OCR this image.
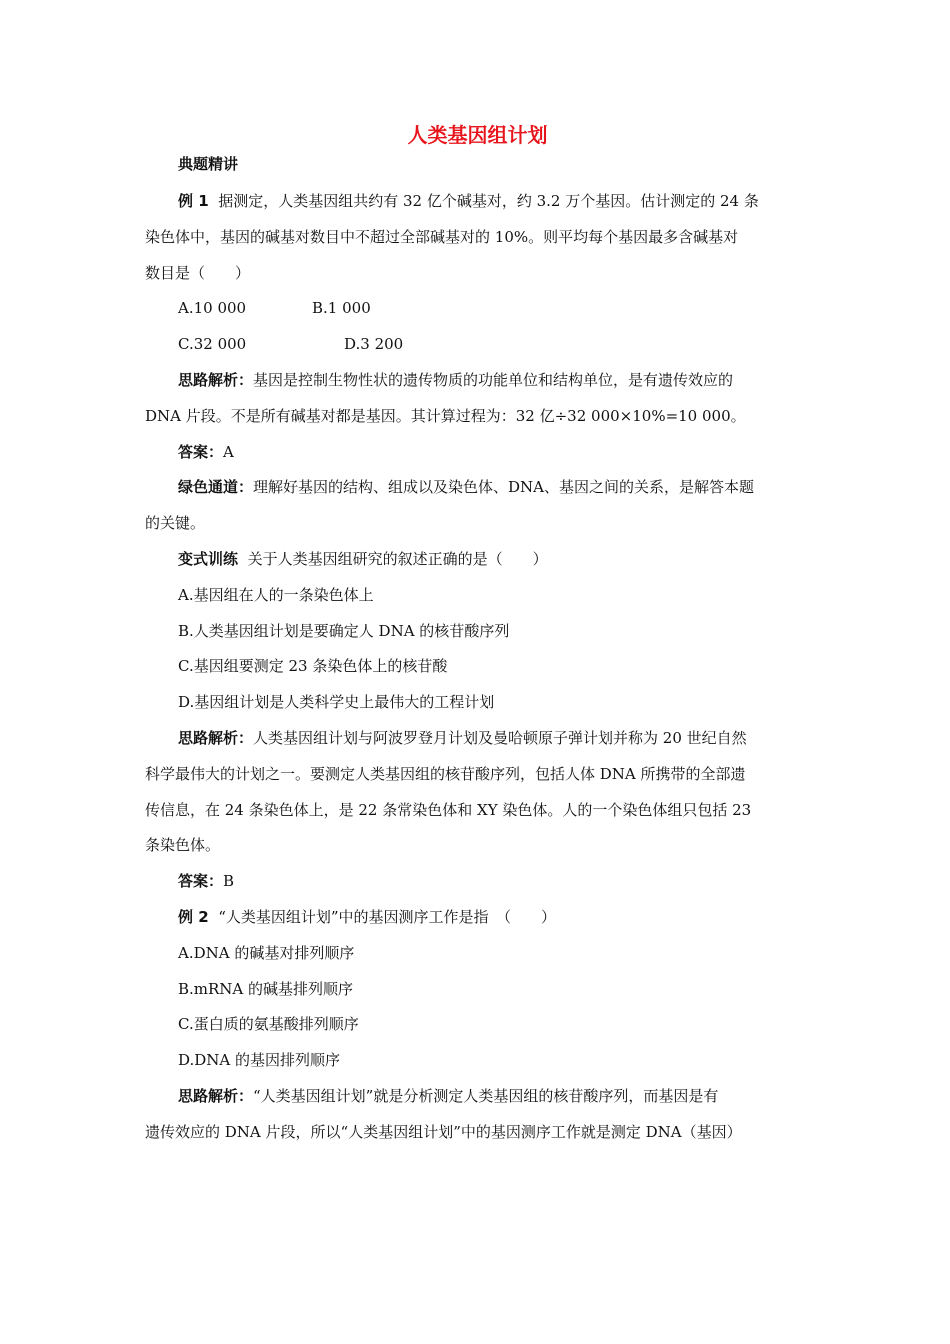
人类基因组计划
典题精讲

例 1 据测定，人类基因组共约有 32 亿个碱基对，约 3.2 万个基因。估计测定的 24 条

染色体中，基因的碱基对数目中不超过全部碱基对的 10%。则平均每个基因最多含碱基对

数目是（　　）

A.10 000	B.1 000

C.32 000	D.3 200

思路解析：基因是控制生物性状的遗传物质的功能单位和结构单位，是有遗传效应的

DNA 片段。不是所有碱基对都是基因。其计算过程为：32 亿÷32 000×10%=10 000。

答案：A

绿色通道：理解好基因的结构、组成以及染色体、DNA、基因之间的关系，是解答本题

的关键。

变式训练 关于人类基因组研究的叙述正确的是（　　）

A.基因组在人的一条染色体上

B.人类基因组计划是要确定人 DNA 的核苷酸序列

C.基因组要测定 23 条染色体上的核苷酸

D.基因组计划是人类科学史上最伟大的工程计划

思路解析：人类基因组计划与阿波罗登月计划及曼哈顿原子弹计划并称为 20 世纪自然

科学最伟大的计划之一。要测定人类基因组的核苷酸序列，包括人体 DNA 所携带的全部遗

传信息，在 24 条染色体上，是 22 条常染色体和 XY 染色体。人的一个染色体组只包括 23

条染色体。

答案：B

例 2 “人类基因组计划”中的基因测序工作是指　（　　）

A.DNA 的碱基对排列顺序

B.mRNA 的碱基排列顺序

C.蛋白质的氨基酸排列顺序

D.DNA 的基因排列顺序

思路解析：“人类基因组计划”就是分析测定人类基因组的核苷酸序列，而基因是有

遗传效应的 DNA 片段，所以“人类基因组计划”中的基因测序工作就是测定 DNA（基因）
